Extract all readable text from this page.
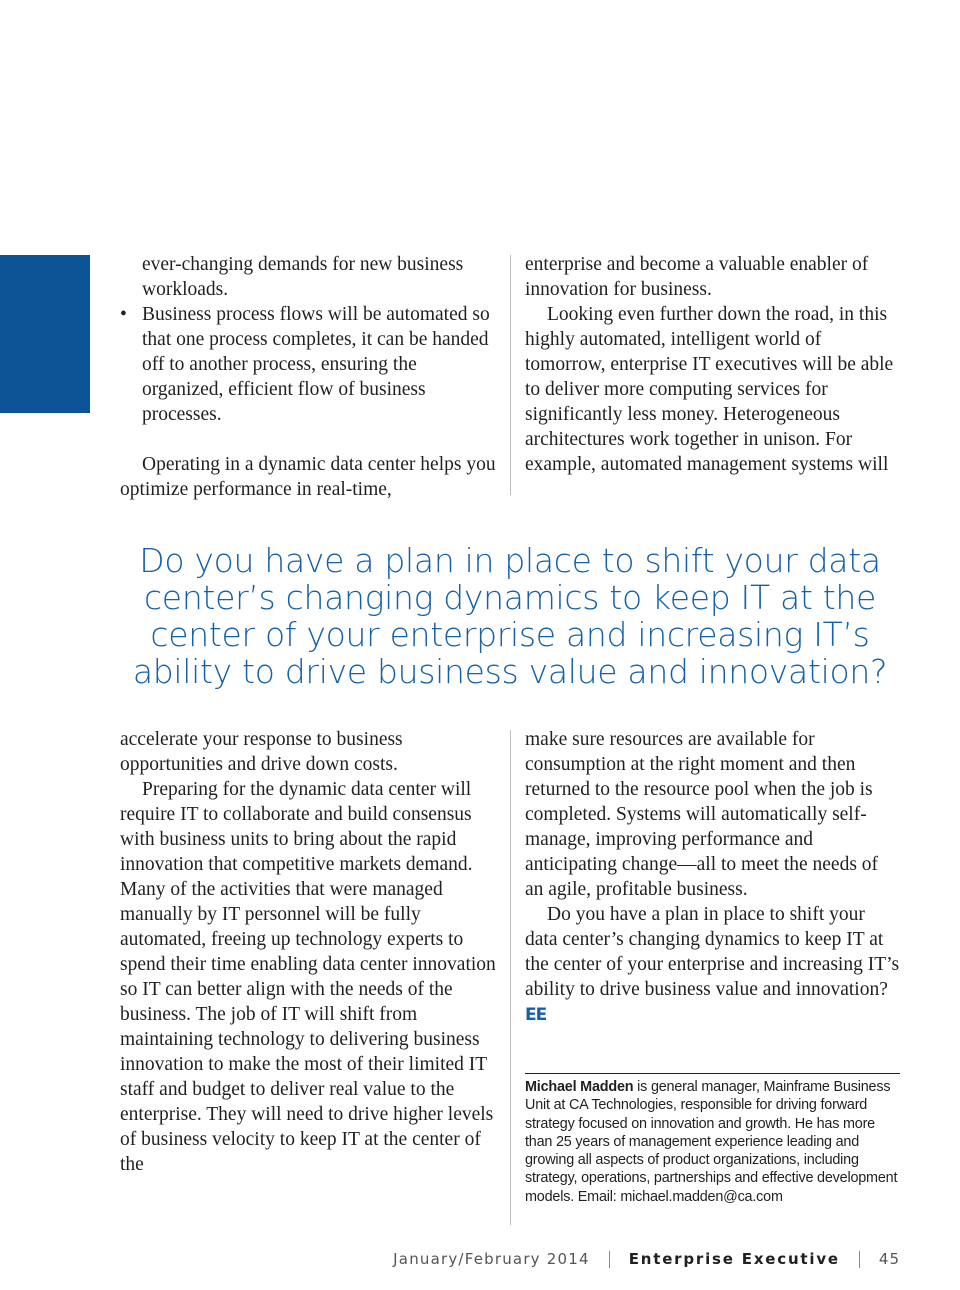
ever-changing demands for new business workloads.

• Business process flows will be automated so that one process completes, it can be handed off to another process, ensuring the organized, efficient flow of business processes.

Operating in a dynamic data center helps you optimize performance in real-time,

enterprise and become a valuable enabler of innovation for business.

Looking even further down the road, in this highly automated, intelligent world of tomorrow, enterprise IT executives will be able to deliver more computing services for significantly less money. Heterogeneous architectures work together in unison. For example, automated management systems will

Do you have a plan in place to shift your data center’s changing dynamics to keep IT at the center of your enterprise and increasing IT’s ability to drive business value and innovation?

accelerate your response to business opportunities and drive down costs.

Preparing for the dynamic data center will require IT to collaborate and build consensus with business units to bring about the rapid innovation that competitive markets demand. Many of the activities that were managed manually by IT personnel will be fully automated, freeing up technology experts to spend their time enabling data center innovation so IT can better align with the needs of the business. The job of IT will shift from maintaining technology to delivering business innovation to make the most of their limited IT staff and budget to deliver real value to the enterprise. They will need to drive higher levels of business velocity to keep IT at the center of the

make sure resources are available for consumption at the right moment and then returned to the resource pool when the job is completed. Systems will automatically self-manage, improving performance and anticipating change—all to meet the needs of an agile, profitable business.

Do you have a plan in place to shift your data center’s changing dynamics to keep IT at the center of your enterprise and increasing IT’s ability to drive business value and innovation? EE

Michael Madden is general manager, Mainframe Business Unit at CA Technologies, responsible for driving forward strategy focused on innovation and growth. He has more than 25 years of management experience leading and growing all aspects of product organizations, including strategy, operations, partnerships and effective development models. Email: michael.madden@ca.com
January/February 2014	Enterprise Executive	45
